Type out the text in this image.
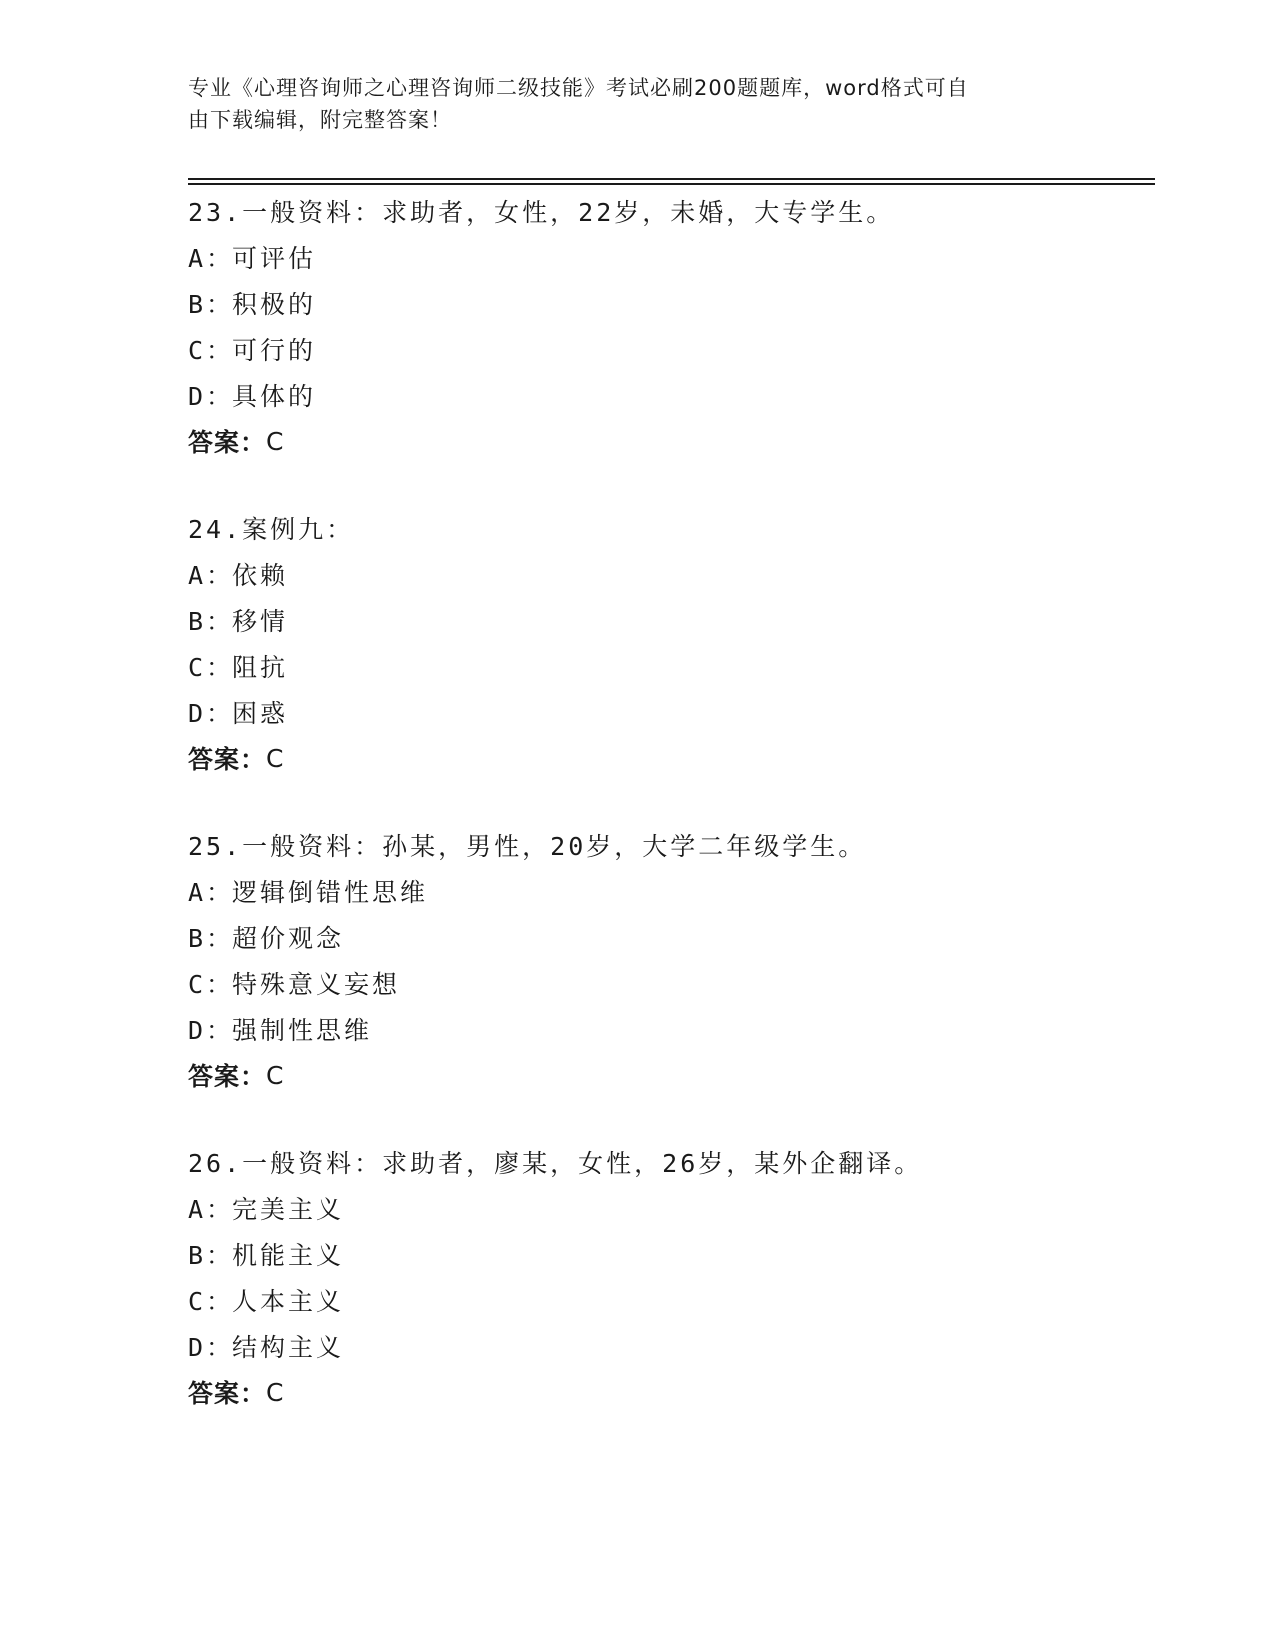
专业《心理咨询师之心理咨询师二级技能》考试必刷200题题库，word格式可自
由下载编辑，附完整答案！
23.一般资料：求助者，女性，22岁，未婚，大专学生。
A：
可评估
B：
积极的
C：
可行的
D：
具体的
答案： C
24.案例九：
A：
依赖
B：
移情
C：
阻抗
D：
困惑
答案： C
25.一般资料：孙某，男性，20岁，大学二年级学生。
A：
逻辑倒错性思维
B：
超价观念
C：
特殊意义妄想
D：
强制性思维
答案： C
26.一般资料：求助者，廖某，女性，26岁，某外企翻译。
A：
完美主义
B：
机能主义
C：
人本主义
D：
结构主义
答案： C
